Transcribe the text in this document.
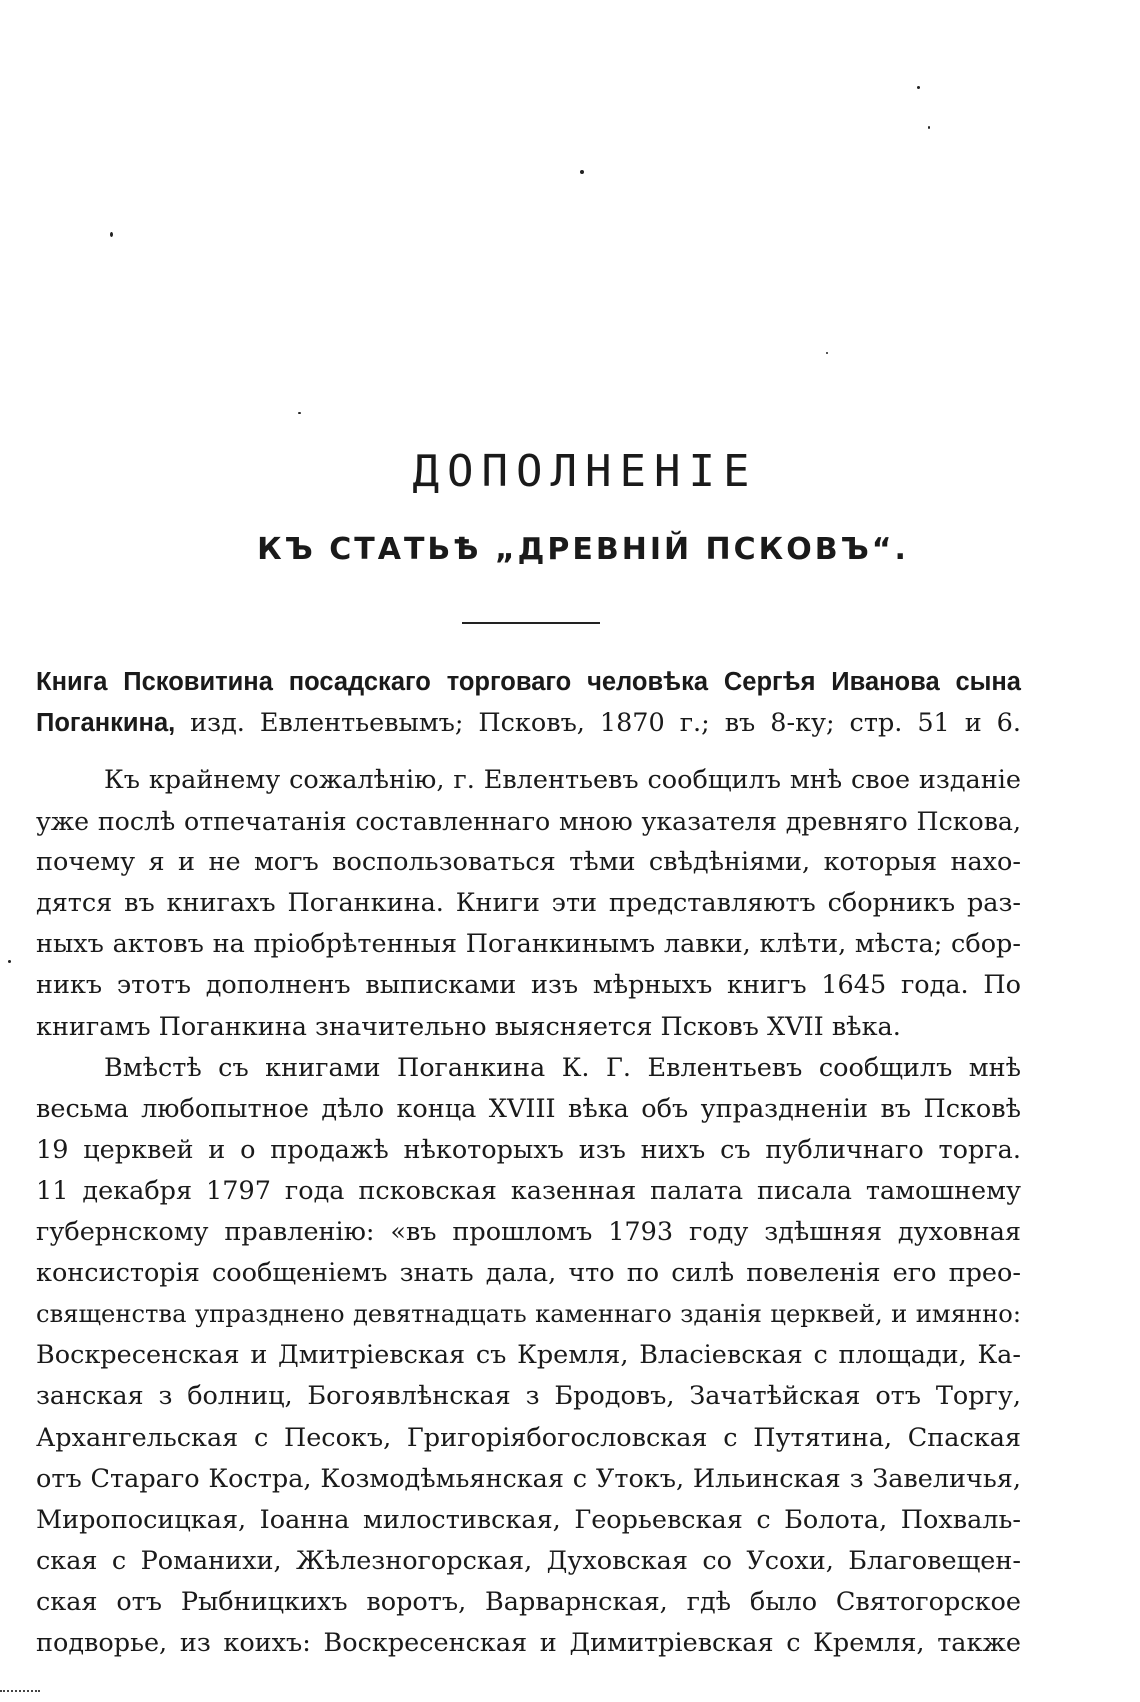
ДОПОЛНЕНІЕ
КЪ СТАТЬѢ „ДРЕВНІЙ ПСКОВЪ“.
Книга Псковитина посадскаго торговаго человѣка Сергѣя Иванова сына
Поганкина, изд. Евлентьевымъ; Псковъ, 1870 г.; въ 8-ку; стр. 51 и 6.
Къ крайнему сожалѣнію, г. Евлентьевъ сообщилъ мнѣ свое изданіе
уже послѣ отпечатанія составленнаго мною указателя древняго Пскова,
почему я и не могъ воспользоваться тѣми свѣдѣніями, которыя нахо-
дятся въ книгахъ Поганкина. Книги эти представляютъ сборникъ раз-
ныхъ актовъ на пріобрѣтенныя Поганкинымъ лавки, клѣти, мѣста; сбор-
никъ этотъ дополненъ выписками изъ мѣрныхъ книгъ 1645 года. По
книгамъ Поганкина значительно выясняется Псковъ XVII вѣка.
Вмѣстѣ съ книгами Поганкина К. Г. Евлентьевъ сообщилъ мнѣ
весьма любопытное дѣло конца XVIII вѣка объ упраздненіи въ Псковѣ
19 церквей и о продажѣ нѣкоторыхъ изъ нихъ съ публичнаго торга.
11 декабря 1797 года псковская казенная палата писала тамошнему
губернскому правленію: «въ прошломъ 1793 году здѣшняя духовная
консисторія сообщеніемъ знать дала, что по силѣ повеленія его прео-
священства упразднено девятнадцать каменнаго зданія церквей, и имянно:
Воскресенская и Дмитріевская съ Кремля, Власіевская с площади, Ка-
занская з болниц, Богоявлѣнская з Бродовъ, Зачатѣйская отъ Торгу,
Архангельская с Песокъ, Григоріябогословская с Путятина, Спаская
отъ Стараго Костра, Козмодѣмьянская с Утокъ, Ильинская з Завеличья,
Миропосицкая, Іоанна милостивская, Георьевская с Болота, Похваль-
ская с Романихи, Жѣлезногорская, Духовская со Усохи, Благовещен-
ская отъ Рыбницкихъ воротъ, Варварнская, гдѣ было Святогорское
подворье, из коихъ: Воскресенская и Димитріевская с Кремля, также
